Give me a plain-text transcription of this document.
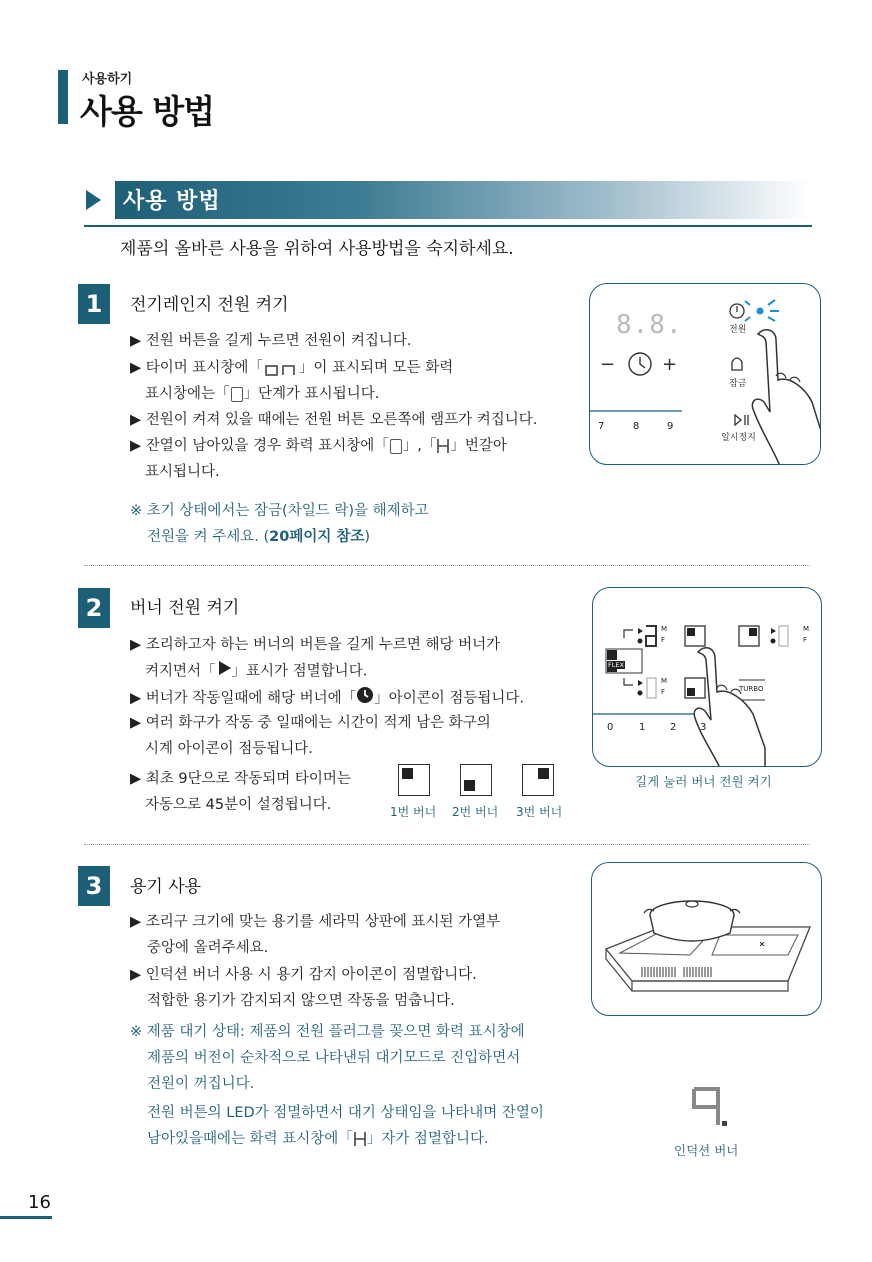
사용하기
사용 방법
사용 방법
제품의 올바른 사용을 위하여 사용방법을 숙지하세요.
1	전기레인지 전원 켜기
▶ 전원 버튼을 길게 누르면 전원이 켜집니다.
▶ 타이머 표시창에「 」이 표시되며 모든 화력
표시창에는「 」단계가 표시됩니다.
▶ 전원이 켜져 있을 때에는 전원 버튼 오른쪽에 램프가 켜집니다.
▶ 잔열이 남아있을 경우 화력 표시창에「 」,「 」번갈아
표시됩니다.
※ 초기 상태에서는 잠금(차일드 락)을 해제하고
전원을 켜 주세요. (20페이지 참조)
8.8.
−	+
전원
잠금
일시정지
7	8	9
2	버너 전원 켜기
▶ 조리하고자 하는 버너의 버튼을 길게 누르면 해당 버너가
켜지면서「 」표시가 점멸합니다.
▶ 버너가 작동일때에 해당 버너에「 」아이콘이 점등됩니다.
▶ 여러 화구가 작동 중 일때에는 시간이 적게 남은 화구의
시계 아이콘이 점등됩니다.
▶ 최초 9단으로 작동되며 타이머는
자동으로 45분이 설정됩니다.	1번 버너 2번 버너 3번 버너
FLEX
M
F
M
F
M
F
TURBO
0	1 2 3
길게 눌러 버너 전원 켜기
3	용기 사용
▶ 조리구 크기에 맞는 용기를 세라믹 상판에 표시된 가열부
중앙에 올려주세요.
▶ 인덕션 버너 사용 시 용기 감지 아이콘이 점멸합니다.
적합한 용기가 감지되지 않으면 작동을 멈춥니다.
※ 제품 대기 상태: 제품의 전원 플러그를 꽂으면 화력 표시창에
제품의 버전이 순차적으로 나타낸뒤 대기모드로 진입하면서
전원이 꺼집니다.
전원 버튼의 LED가 점멸하면서 대기 상태임을 나타내며 잔열이
남아있을때에는 화력 표시창에「 」자가 점멸합니다.
인덕션 버너
16
